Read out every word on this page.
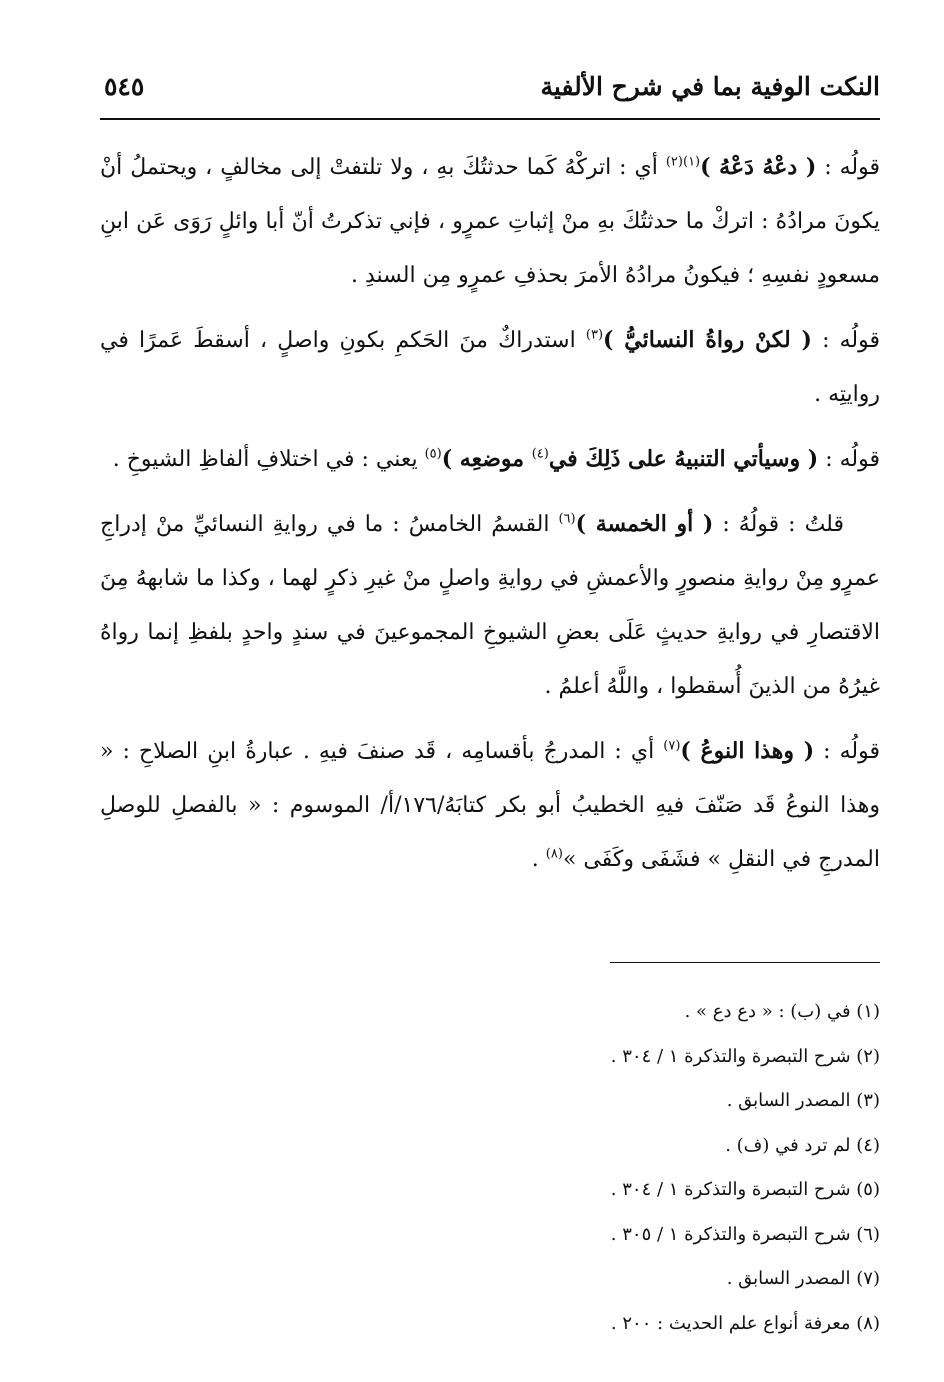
النكت الوفية بما في شرح الألفية
٥٤٥

قولُه : ( دعْهُ دَعْهُ )$^{(١)(٢)}$ أي : اتركْهُ كَما حدثتُكَ بهِ ، ولا تلتفتْ إلى مخالفٍ ، ويحتملُ أنْ يكونَ مرادُهُ : اتركْ ما حدثتُكَ بهِ منْ إثباتِ عمرٍو ، فإني تذكرتُ أنّ أبا وائلٍ رَوَى عَن ابنِ مسعودٍ نفسِهِ ؛ فيكونُ مرادُهُ الأمرَ بحذفِ عمرٍو مِن السندِ .

قولُه : ( لكنْ رواةُ النسائيُّ )$^{(٣)}$ استدراكٌ منَ الحَكمِ بكونِ واصلٍ ، أسقطَ عَمرًا في روايتِه .

قولُه : ( وسيأتي التنبيهُ على ذَلِكَ في$^{(٤)}$ موضعِه )$^{(٥)}$ يعني : في اختلافِ ألفاظِ الشيوخِ .

قلتُ : قولُهُ : ( أو الخمسة )$^{(٦)}$ القسمُ الخامسُ : ما في روايةِ النسائيِّ منْ إدراجِ عمرٍو مِنْ روايةِ منصورٍ والأعمشِ في روايةِ واصلٍ منْ غيرِ ذكرٍ لهما ، وكذا ما شابههُ مِنَ الاقتصارِ في روايةِ حديثٍ عَلَى بعضِ الشيوخِ المجموعينَ في سندٍ واحدٍ بلفظِ إنما رواهُ غيرُهُ من الذينَ أُسقطوا ، واللَّهُ أعلمُ .

قولُه : ( وهذا النوعُ )$^{(٧)}$ أي : المدرجُ بأقسامِه ، قَد صنفَ فيهِ . عبارةُ ابنِ الصلاحِ : « وهذا النوعُ قَد صَنّفَ فيهِ الخطيبُ أبو بكر كتابَهُ/١٧٦/أ/ الموسوم : « بالفصلِ للوصلِ المدرجِ في النقلِ » فشَفَى وكَفَى »$^{(٨)}$ .

(١) في (ب) : « دع دع » .
(٢) شرح التبصرة والتذكرة ١ / ٣٠٤ .
(٣) المصدر السابق .
(٤) لم ترد في (ف) .
(٥) شرح التبصرة والتذكرة ١ / ٣٠٤ .
(٦) شرح التبصرة والتذكرة ١ / ٣٠٥ .
(٧) المصدر السابق .
(٨) معرفة أنواع علم الحديث : ٢٠٠ .
